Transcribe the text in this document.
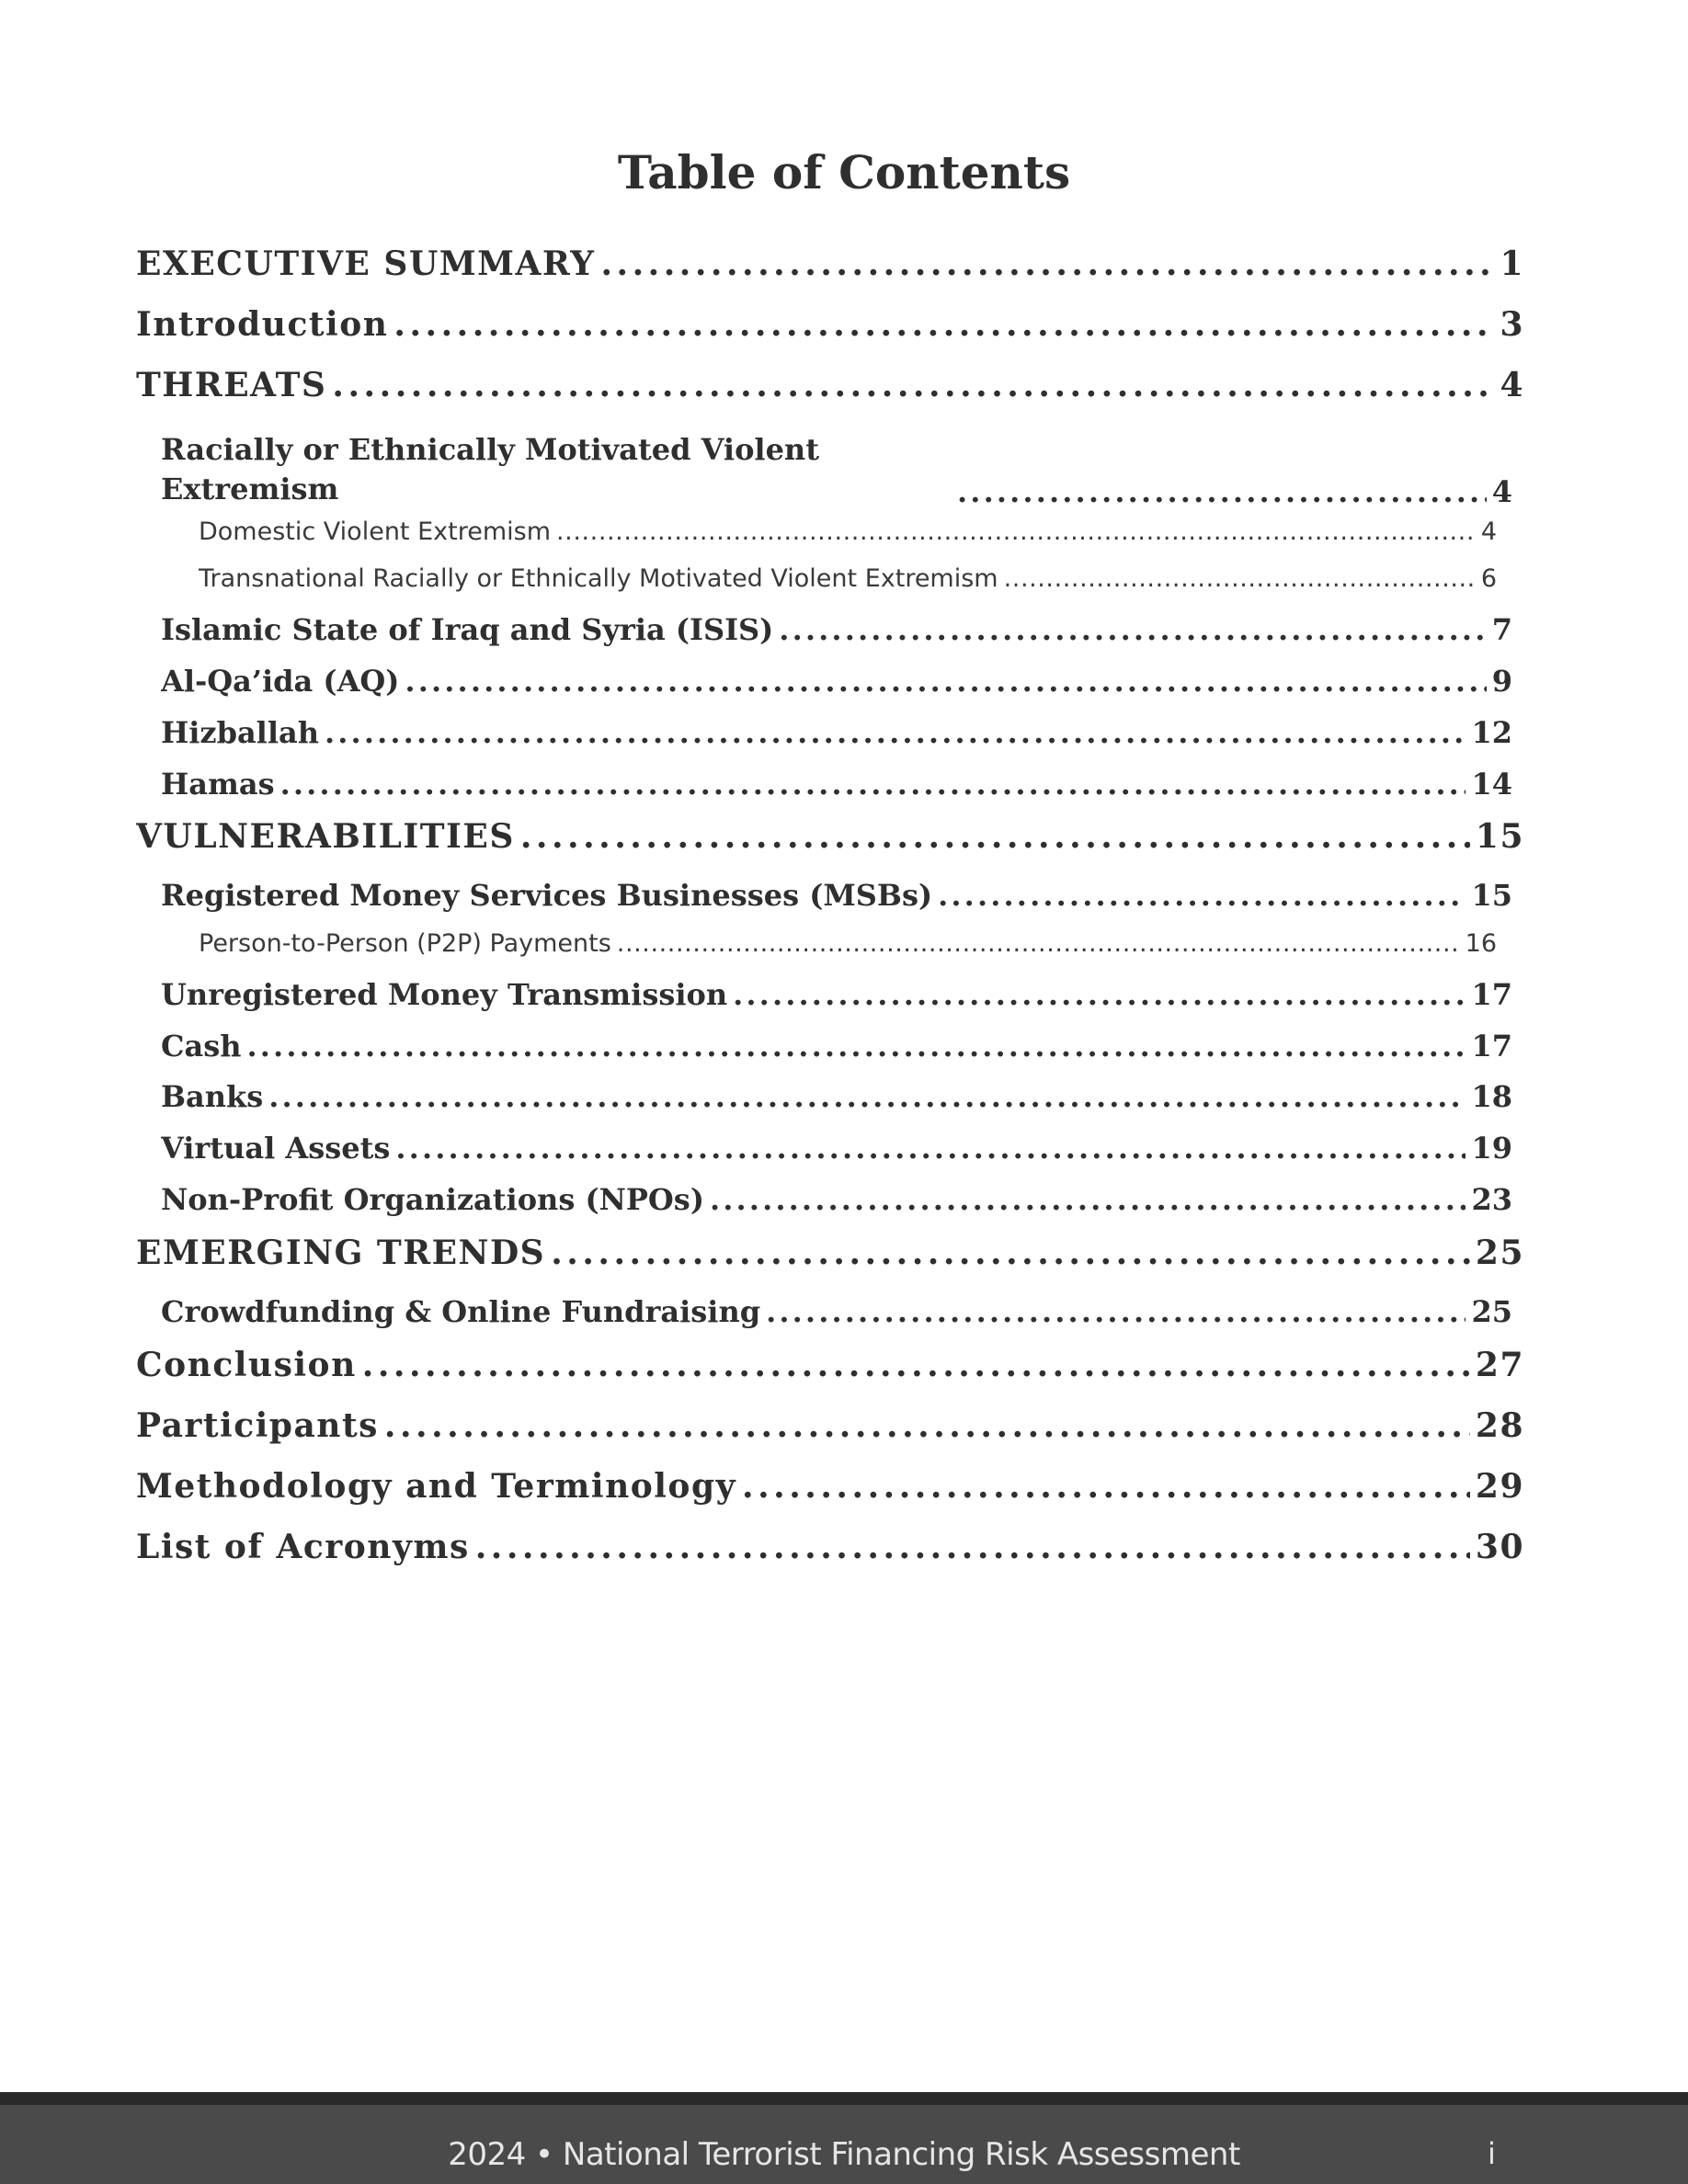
Table of Contents
EXECUTIVE SUMMARY . . .	1
Introduction . . .	3
THREATS . . .	4
Racially or Ethnically Motivated Violent Extremism . . .	4
Domestic Violent Extremism . . .	4
Transnational Racially or Ethnically Motivated Violent Extremism . . .	6
Islamic State of Iraq and Syria (ISIS) . . .	7
Al-Qa’ida (AQ) . . .	9
Hizballah . . .	12
Hamas . . .	14
VULNERABILITIES . . .	15
Registered Money Services Businesses (MSBs) . . .	15
Person-to-Person (P2P) Payments . . .	16
Unregistered Money Transmission . . .	17
Cash . . .	17
Banks . . .	18
Virtual Assets . . .	19
Non-Profit Organizations (NPOs) . . .	23
EMERGING TRENDS . . .	25
Crowdfunding & Online Fundraising . . .	25
Conclusion . . .	27
Participants . . .	28
Methodology and Terminology . . .	29
List of Acronyms . . .	30
2024 • National Terrorist Financing Risk Assessment	i
